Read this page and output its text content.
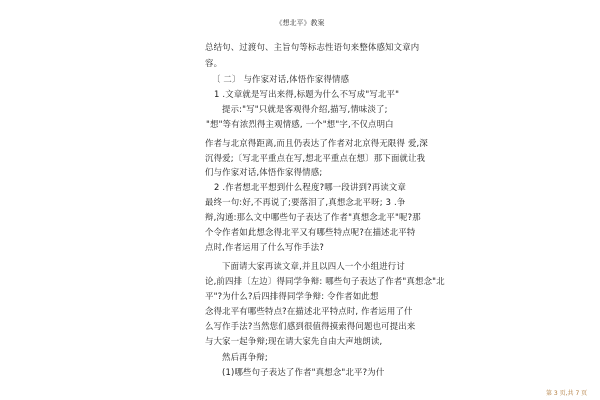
《想北平》教案
总结句、过渡句、主旨句等标志性语句来整体感知文章内
容。
〔 二〕 与作家对话,体悟作家得情感
1 .文章就是写出来得,标题为什么不写成"写北平"
提示:"写"只就是客观得介绍,描写,情味淡了;
"想"等有浓烈得主观情感, 一个"想"字,不仅点明白
作者与北京得距离,而且仍表达了作者对北京得无限得 爱,深
沉得爱;〔写北平重点在写,想北平重点在想〕那下面就让我
们与作家对话,体悟作家得情感;
2 .作者想北平想到什么程度?哪一段讲到?再读文章
最终一句:好,不再说了;要落泪了,真想念北平呀; 3 .争
辩,沟通:那么文中哪些句子表达了作者"真想念北平"呢?那
个令作者如此想念得北平又有哪些特点呢?在描述北平特
点时,作者运用了什么写作手法?
下面请大家再读文章,并且以四人一个小组进行讨
论,前四排〔左边〕得同学争辩: 哪些句子表达了作者"真想念"北
平"?为什么?后四排得同学争辩: 令作者如此想
念得北平有哪些特点?在描述北平特点时, 作者运用了什
么写作手法?当然您们感到很值得摸索得问题也可提出来
与大家一起争辩;现在请大家先自由大声地朗读,
然后再争辩;
(1)哪些句子表达了作者"真想念"北平?为什
第 3 页,共 7 页
